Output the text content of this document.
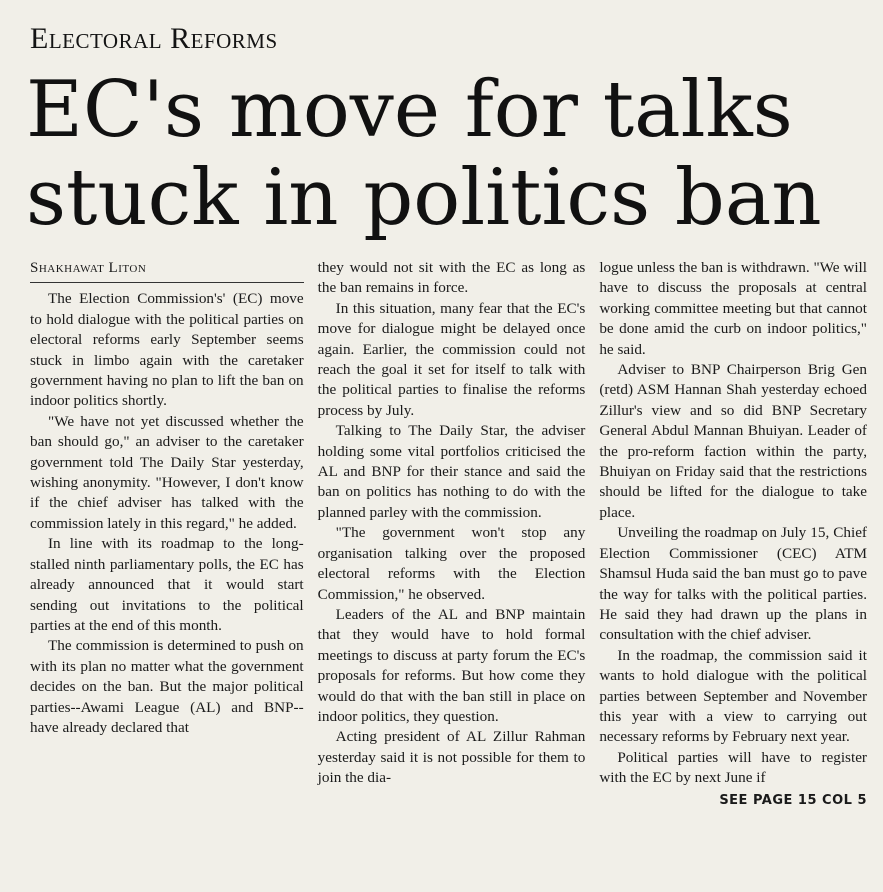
Electoral Reforms
EC's move for talks
stuck in politics ban
Shakhawat Liton

The Election Commission's' (EC) move to hold dialogue with the political parties on electoral reforms early September seems stuck in limbo again with the caretaker government having no plan to lift the ban on indoor politics shortly.

"We have not yet discussed whether the ban should go," an adviser to the caretaker government told The Daily Star yesterday, wishing anonymity. "However, I don't know if the chief adviser has talked with the commission lately in this regard," he added.

In line with its roadmap to the long-stalled ninth parliamentary polls, the EC has already announced that it would start sending out invitations to the political parties at the end of this month.

The commission is determined to push on with its plan no matter what the government decides on the ban. But the major political parties--Awami League (AL) and BNP--have already declared that

they would not sit with the EC as long as the ban remains in force.

In this situation, many fear that the EC's move for dialogue might be delayed once again. Earlier, the commission could not reach the goal it set for itself to talk with the political parties to finalise the reforms process by July.

Talking to The Daily Star, the adviser holding some vital portfolios criticised the AL and BNP for their stance and said the ban on politics has nothing to do with the planned parley with the commission.

"The government won't stop any organisation talking over the proposed electoral reforms with the Election Commission," he observed.

Leaders of the AL and BNP maintain that they would have to hold formal meetings to discuss at party forum the EC's proposals for reforms. But how come they would do that with the ban still in place on indoor politics, they question.

Acting president of AL Zillur Rahman yesterday said it is not possible for them to join the dia-

logue unless the ban is withdrawn. "We will have to discuss the proposals at central working committee meeting but that cannot be done amid the curb on indoor politics," he said.

Adviser to BNP Chairperson Brig Gen (retd) ASM Hannan Shah yesterday echoed Zillur's view and so did BNP Secretary General Abdul Mannan Bhuiyan. Leader of the pro-reform faction within the party, Bhuiyan on Friday said that the restrictions should be lifted for the dialogue to take place.

Unveiling the roadmap on July 15, Chief Election Commissioner (CEC) ATM Shamsul Huda said the ban must go to pave the way for talks with the political parties. He said they had drawn up the plans in consultation with the chief adviser.

In the roadmap, the commission said it wants to hold dialogue with the political parties between September and November this year with a view to carrying out necessary reforms by February next year.

Political parties will have to register with the EC by next June if

SEE PAGE 15 COL 5
